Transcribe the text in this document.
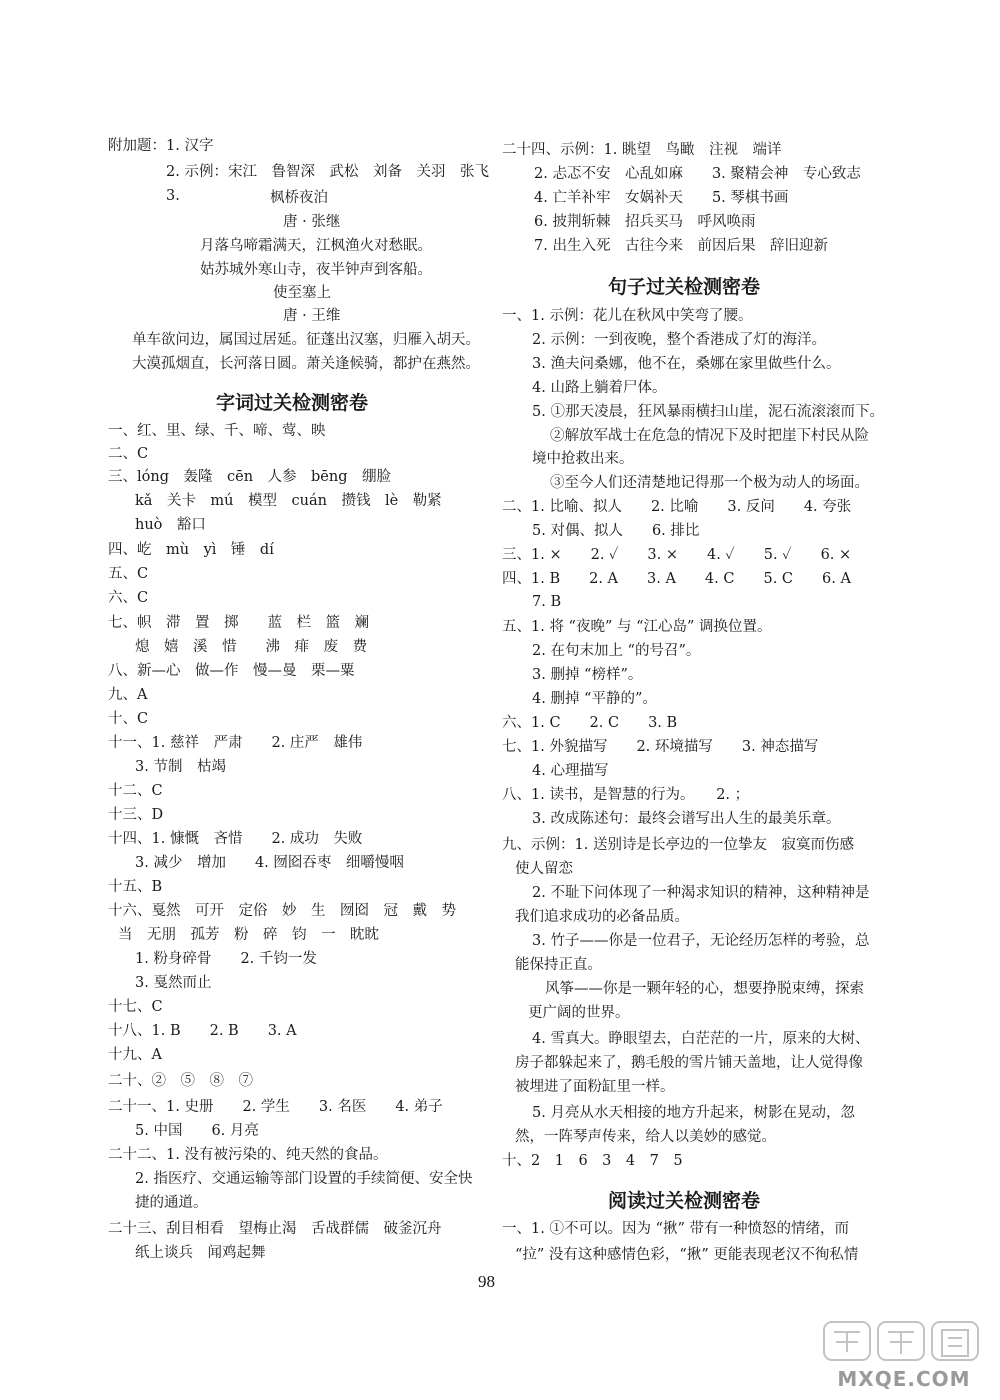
附加题：1. 汉字
2. 示例：宋江　鲁智深　武松　刘备　关羽　张飞
3.	枫桥夜泊
唐 · 张继
月落乌啼霜满天，江枫渔火对愁眠。
姑苏城外寒山寺，夜半钟声到客船。
使至塞上
唐 · 王维
单车欲问边，属国过居延。征蓬出汉塞，归雁入胡天。
大漠孤烟直，长河落日圆。萧关逢候骑，都护在燕然。
字词过关检测密卷
一、红、里、绿、千、啼、莺、映
二、C
三、lóng　轰隆　cēn　人参　bēng　绷脸
kǎ　关卡　mú　模型　cuán　攒钱　lè　勒紧
huò　豁口
四、屹　mù　yì　锤　dí
五、C
六、C
七、帜　滞　置　掷　　蓝　栏　篮　斓
熄　嬉　溪　惜　　沸　痱　废　费
八、新—心　做—作　慢—曼　栗—粟
九、A
十、C
十一、1. 慈祥　严肃　　2. 庄严　雄伟
3. 节制　枯竭
十二、C
十三、D
十四、1. 慷慨　吝惜　　2. 成功　失败
3. 减少　增加　　4. 囫囵吞枣　细嚼慢咽
十五、B
十六、戛然　可开　定俗　妙　生　囫囵　冠　戴　势
当　无朋　孤芳　粉　碎　钧　一　眈眈
1. 粉身碎骨　　2. 千钧一发
3. 戛然而止
十七、C
十八、1. B　　2. B　　3. A
十九、A
二十、②　⑤　⑧　⑦
二十一、1. 史册　　2. 学生　　3. 名医　　4. 弟子
5. 中国　　6. 月亮
二十二、1. 没有被污染的、纯天然的食品。
2. 指医疗、交通运输等部门设置的手续简便、安全快
捷的通道。
二十三、刮目相看　望梅止渴　舌战群儒　破釜沉舟
纸上谈兵　闻鸡起舞
二十四、示例：1. 眺望　鸟瞰　注视　端详
2. 忐忑不安　心乱如麻　　3. 聚精会神　专心致志
4. 亡羊补牢　女娲补天　　5. 琴棋书画
6. 披荆斩棘　招兵买马　呼风唤雨
7. 出生入死　古往今来　前因后果　辞旧迎新
句子过关检测密卷
一、1. 示例：花儿在秋风中笑弯了腰。
2. 示例：一到夜晚，整个香港成了灯的海洋。
3. 渔夫问桑娜，他不在，桑娜在家里做些什么。
4. 山路上躺着尸体。
5. ①那天凌晨，狂风暴雨横扫山崖，泥石流滚滚而下。
②解放军战士在危急的情况下及时把崖下村民从险
境中抢救出来。
③至今人们还清楚地记得那一个极为动人的场面。
二、1. 比喻、拟人　　2. 比喻　　3. 反问　　4. 夸张
5. 对偶、拟人　　6. 排比
三、1. ×　　2. ✓　　3. ×　　4. ✓　　5. ✓　　6. ×
四、1. B　　2. A　　3. A　　4. C　　5. C　　6. A
7. B
五、1. 将 “夜晚” 与 “江心岛” 调换位置。
2. 在句末加上 “的号召”。
3. 删掉 “榜样”。
4. 删掉 “平静的”。
六、1. C　　2. C　　3. B
七、1. 外貌描写　　2. 环境描写　　3. 神态描写
4. 心理描写
八、1. 读书，是智慧的行为。　　2. ；
3. 改成陈述句：最终会谱写出人生的最美乐章。
九、示例：1. 送别诗是长亭边的一位挚友　寂寞而伤感
使人留恋
2. 不耻下问体现了一种渴求知识的精神，这种精神是
我们追求成功的必备品质。
3. 竹子——你是一位君子，无论经历怎样的考验，总
能保持正直。
风筝——你是一颗年轻的心，想要挣脱束缚，探索
更广阔的世界。
4. 雪真大。睁眼望去，白茫茫的一片，原来的大树、
房子都躲起来了，鹅毛般的雪片铺天盖地，让人觉得像
被埋进了面粉缸里一样。
5. 月亮从水天相接的地方升起来，树影在晃动，忽
然，一阵琴声传来，给人以美妙的感觉。
十、2　1　6　3　4　7　5
阅读过关检测密卷
一、1. ①不可以。因为 “揪” 带有一种愤怒的情绪，而
“拉” 没有这种感情色彩，“揪” 更能表现老汉不徇私情
98
MXQE.COM
